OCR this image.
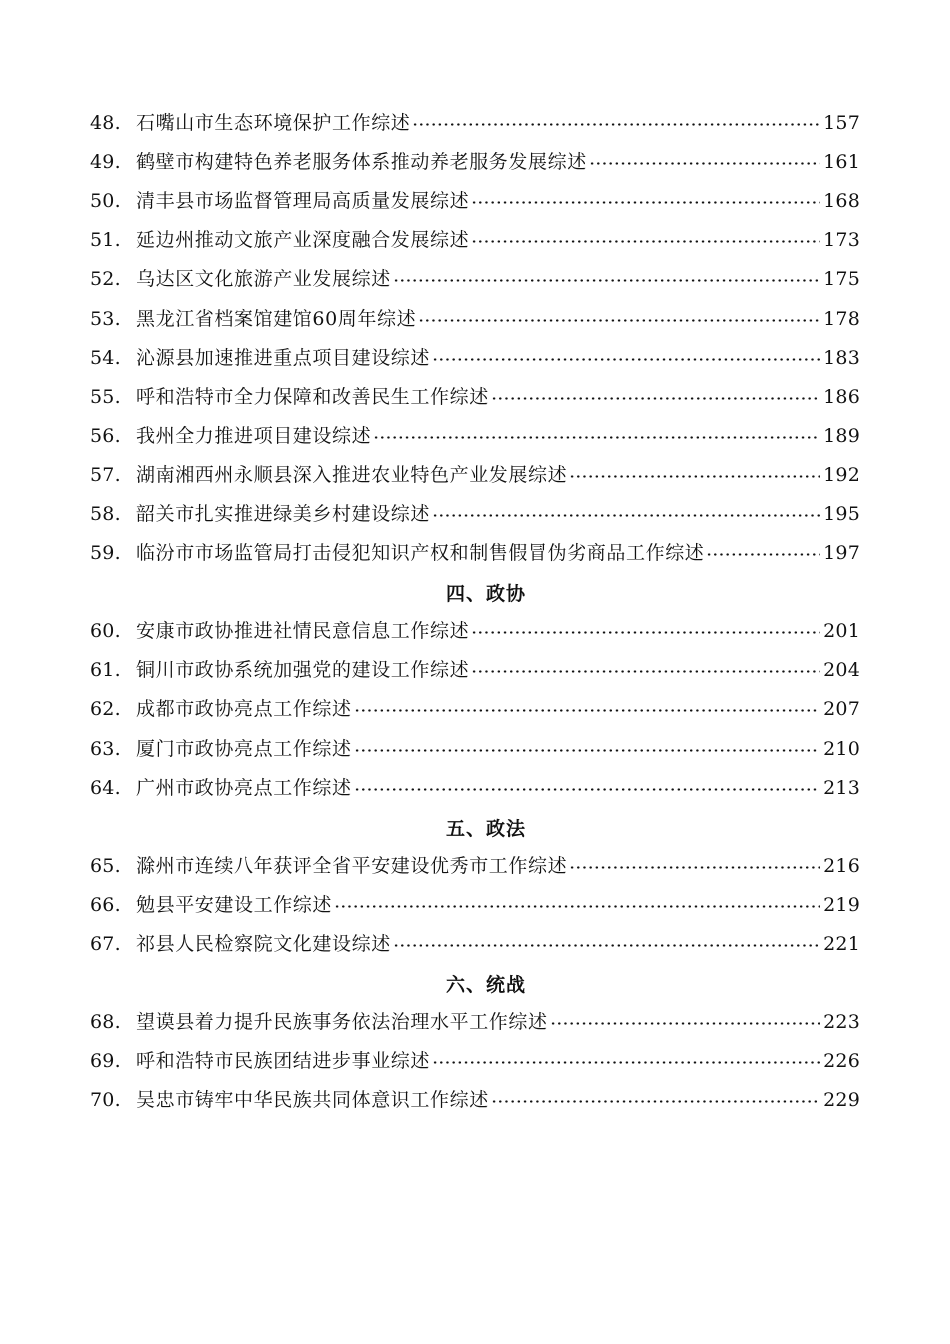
48. 石嘴山市生态环境保护工作综述	157
49. 鹤壁市构建特色养老服务体系推动养老服务发展综述	161
50. 清丰县市场监督管理局高质量发展综述	168
51. 延边州推动文旅产业深度融合发展综述	173
52. 乌达区文化旅游产业发展综述	175
53. 黑龙江省档案馆建馆60周年综述	178
54. 沁源县加速推进重点项目建设综述	183
55. 呼和浩特市全力保障和改善民生工作综述	186
56. 我州全力推进项目建设综述	189
57. 湖南湘西州永顺县深入推进农业特色产业发展综述	192
58. 韶关市扎实推进绿美乡村建设综述	195
59. 临汾市市场监管局打击侵犯知识产权和制售假冒伪劣商品工作综述	197
四、政协
60. 安康市政协推进社情民意信息工作综述	201
61. 铜川市政协系统加强党的建设工作综述	204
62. 成都市政协亮点工作综述	207
63. 厦门市政协亮点工作综述	210
64. 广州市政协亮点工作综述	213
五、政法
65. 滁州市连续八年获评全省平安建设优秀市工作综述	216
66. 勉县平安建设工作综述	219
67. 祁县人民检察院文化建设综述	221
六、统战
68. 望谟县着力提升民族事务依法治理水平工作综述	223
69. 呼和浩特市民族团结进步事业综述	226
70. 吴忠市铸牢中华民族共同体意识工作综述	229
